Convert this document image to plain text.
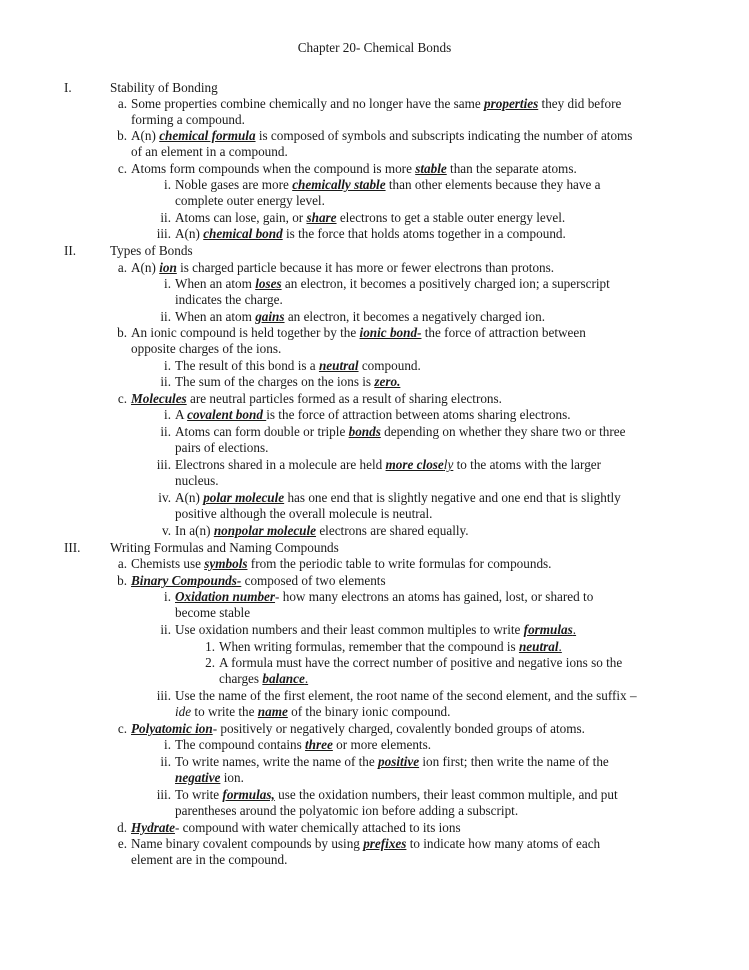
Chapter 20- Chemical Bonds
I.	Stability of Bonding
a. Some properties combine chemically and no longer have the same properties they did before
forming a compound.
b. A(n) chemical formula is composed of symbols and subscripts indicating the number of atoms
of an element in a compound.
c. Atoms form compounds when the compound is more stable than the separate atoms.
i. Noble gases are more chemically stable than other elements because they have a
complete outer energy level.
ii. Atoms can lose, gain, or share electrons to get a stable outer energy level.
iii. A(n) chemical bond is the force that holds atoms together in a compound.
II.	Types of Bonds
a. A(n) ion is charged particle because it has more or fewer electrons than protons.
i. When an atom loses an electron, it becomes a positively charged ion; a superscript
indicates the charge.
ii. When an atom gains an electron, it becomes a negatively charged ion.
b. An ionic compound is held together by the ionic bond- the force of attraction between
opposite charges of the ions.
i. The result of this bond is a neutral compound.
ii. The sum of the charges on the ions is zero.
c. Molecules are neutral particles formed as a result of sharing electrons.
i. A covalent bond is the force of attraction between atoms sharing electrons.
ii. Atoms can form double or triple bonds depending on whether they share two or three
pairs of elections.
iii. Electrons shared in a molecule are held more closely to the atoms with the larger
nucleus.
iv. A(n) polar molecule has one end that is slightly negative and one end that is slightly
positive although the overall molecule is neutral.
v. In a(n) nonpolar molecule electrons are shared equally.
III. Writing Formulas and Naming Compounds
a. Chemists use symbols from the periodic table to write formulas for compounds.
b. Binary Compounds- composed of two elements
i. Oxidation number- how many electrons an atoms has gained, lost, or shared to
become stable
ii. Use oxidation numbers and their least common multiples to write formulas.
1. When writing formulas, remember that the compound is neutral.
2. A formula must have the correct number of positive and negative ions so the
charges balance.
iii. Use the name of the first element, the root name of the second element, and the suffix –
ide to write the name of the binary ionic compound.
c. Polyatomic ion- positively or negatively charged, covalently bonded groups of atoms.
i. The compound contains three or more elements.
ii. To write names, write the name of the positive ion first; then write the name of the
negative ion.
iii. To write formulas, use the oxidation numbers, their least common multiple, and put
parentheses around the polyatomic ion before adding a subscript.
d. Hydrate- compound with water chemically attached to its ions
e. Name binary covalent compounds by using prefixes to indicate how many atoms of each
element are in the compound.
